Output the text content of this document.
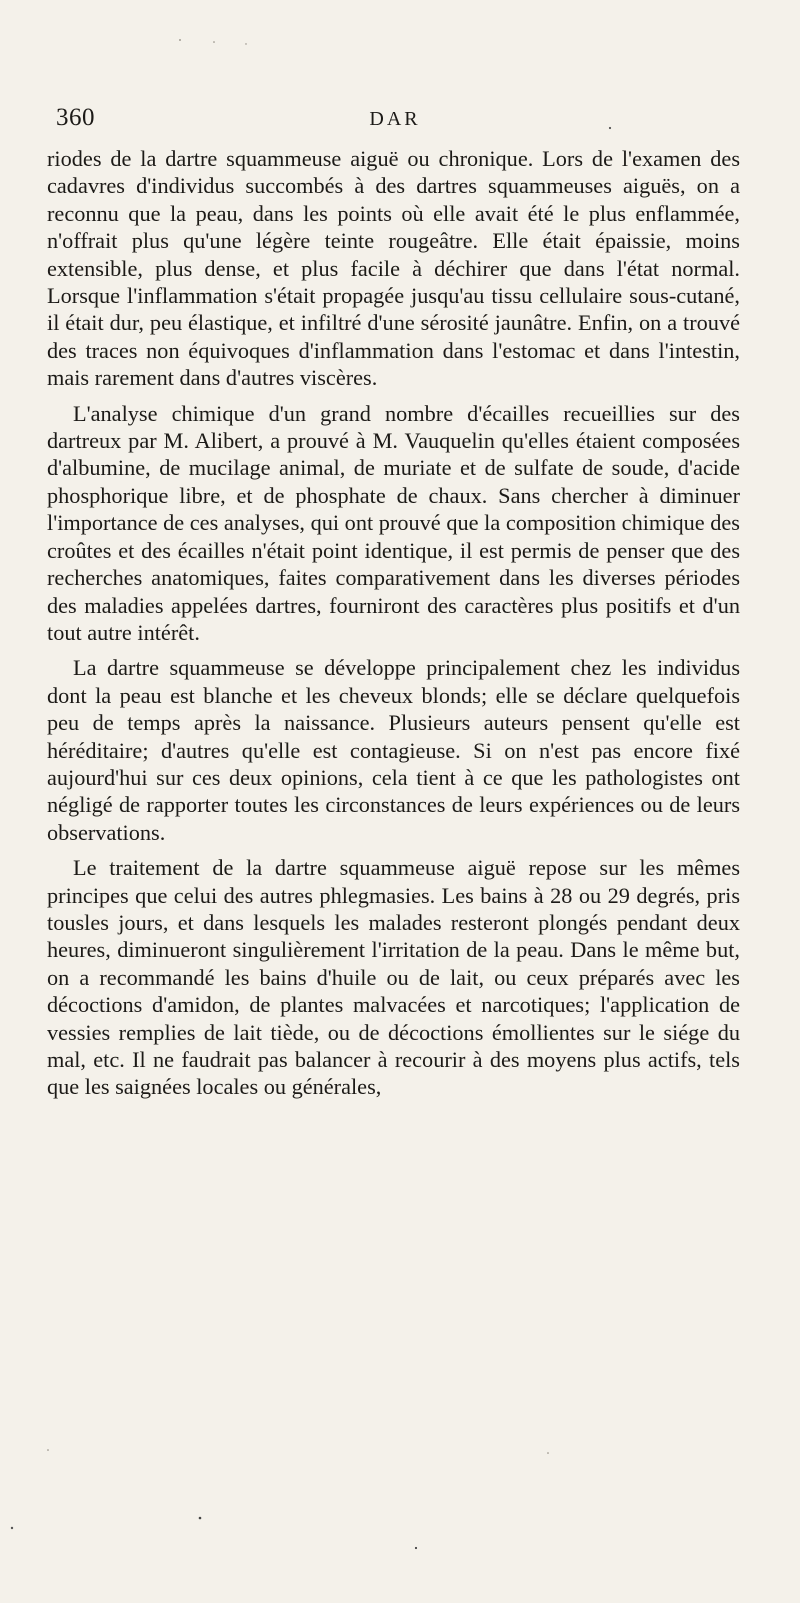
360	DAR

riodes de la dartre squammeuse aiguë ou chronique. Lors de l'examen des cadavres d'individus succombés à des dartres squammeuses aiguës, on a reconnu que la peau, dans les points où elle avait été le plus enflammée, n'offrait plus qu'une légère teinte rougeâtre. Elle était épaissie, moins extensible, plus dense, et plus facile à déchirer que dans l'état normal. Lorsque l'inflammation s'était propagée jusqu'au tissu cellulaire sous-cutané, il était dur, peu élastique, et infiltré d'une sérosité jaunâtre. Enfin, on a trouvé des traces non équivoques d'inflammation dans l'estomac et dans l'intestin, mais rarement dans d'autres viscères.

L'analyse chimique d'un grand nombre d'écailles recueillies sur des dartreux par M. Alibert, a prouvé à M. Vauquelin qu'elles étaient composées d'albumine, de mucilage animal, de muriate et de sulfate de soude, d'acide phosphorique libre, et de phosphate de chaux. Sans chercher à diminuer l'importance de ces analyses, qui ont prouvé que la composition chimique des croûtes et des écailles n'était point identique, il est permis de penser que des recherches anatomiques, faites comparativement dans les diverses périodes des maladies appelées dartres, fourniront des caractères plus positifs et d'un tout autre intérêt.

La dartre squammeuse se développe principalement chez les individus dont la peau est blanche et les cheveux blonds; elle se déclare quelquefois peu de temps après la naissance. Plusieurs auteurs pensent qu'elle est héréditaire; d'autres qu'elle est contagieuse. Si on n'est pas encore fixé aujourd'hui sur ces deux opinions, cela tient à ce que les pathologistes ont négligé de rapporter toutes les circonstances de leurs expériences ou de leurs observations.

Le traitement de la dartre squammeuse aiguë repose sur les mêmes principes que celui des autres phlegmasies. Les bains à 28 ou 29 degrés, pris tousles jours, et dans lesquels les malades resteront plongés pendant deux heures, diminueront singulièrement l'irritation de la peau. Dans le même but, on a recommandé les bains d'huile ou de lait, ou ceux préparés avec les décoctions d'amidon, de plantes malvacées et narcotiques; l'application de vessies remplies de lait tiède, ou de décoctions émollientes sur le siége du mal, etc. Il ne faudrait pas balancer à recourir à des moyens plus actifs, tels que les saignées locales ou générales,
